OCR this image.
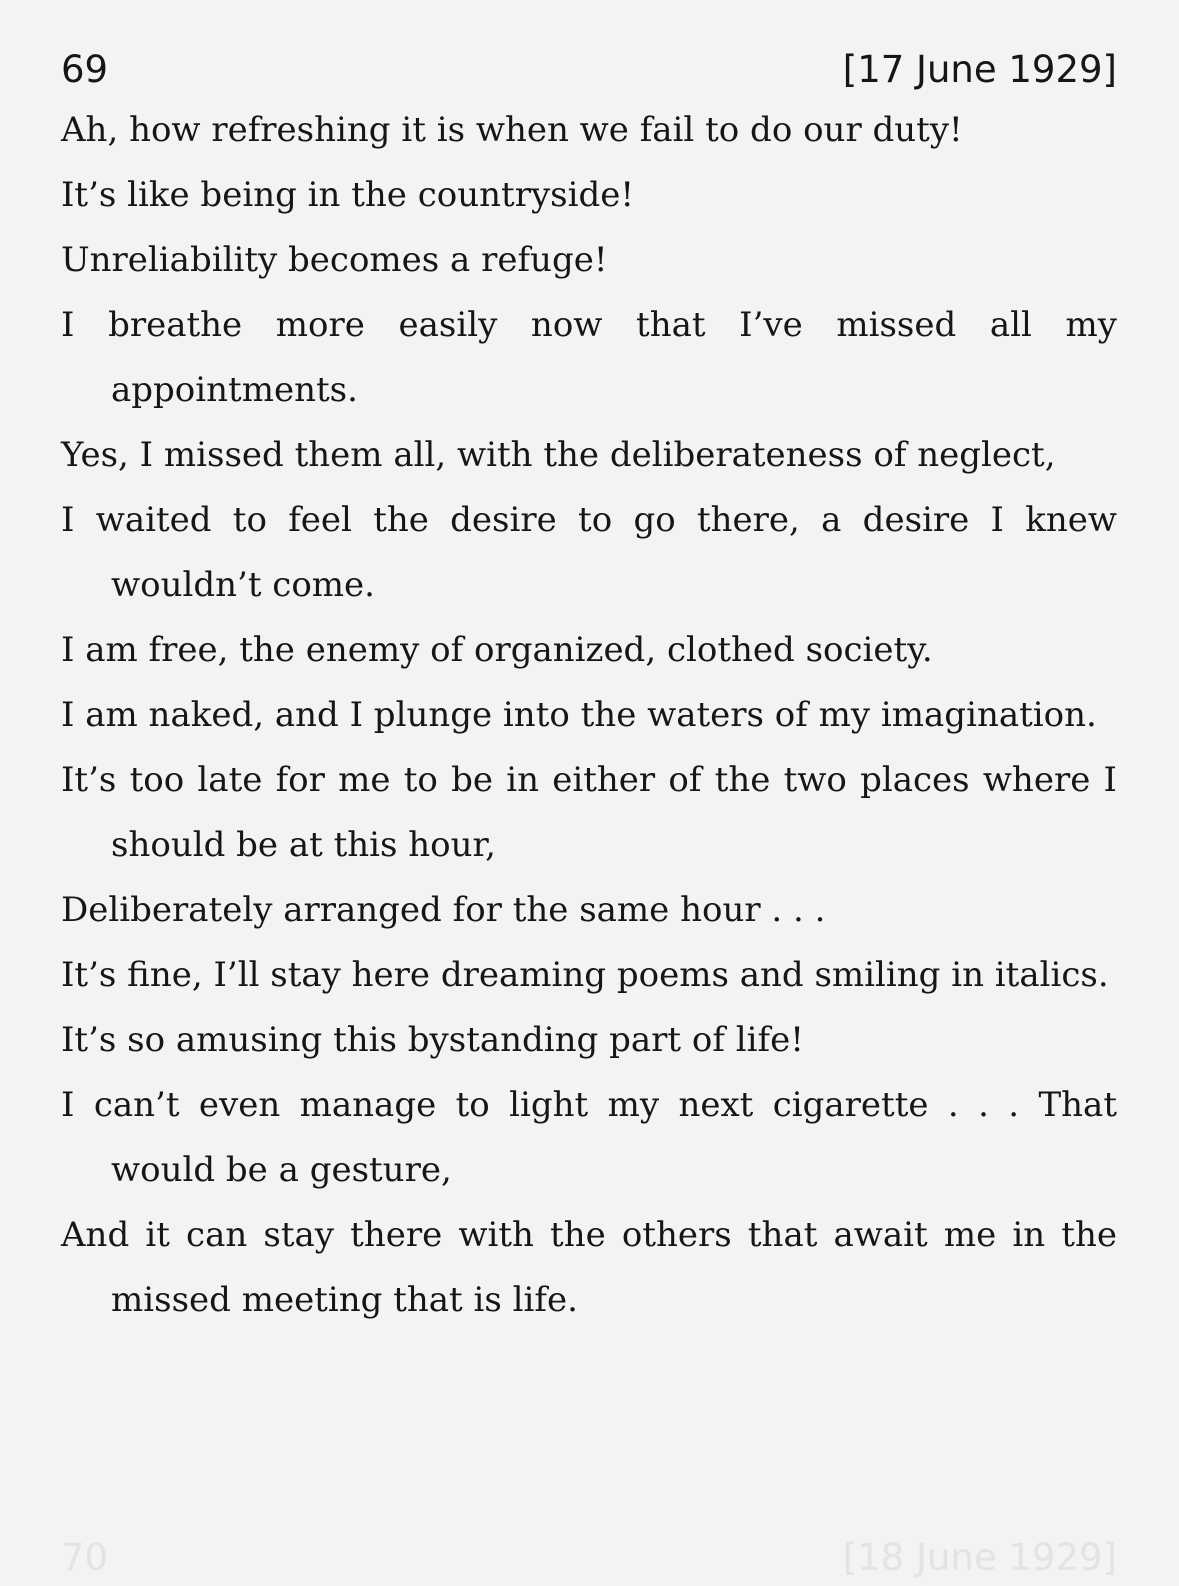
69	[17 June 1929]

Ah, how refreshing it is when we fail to do our duty!

It’s like being in the countryside!

Unreliability becomes a refuge!

I breathe more easily now that I’ve missed all my appointments.

Yes, I missed them all, with the deliberateness of neglect,

I waited to feel the desire to go there, a desire I knew wouldn’t come.

I am free, the enemy of organized, clothed society.

I am naked, and I plunge into the waters of my imagination.

It’s too late for me to be in either of the two places where I should be at this hour,

Deliberately arranged for the same hour . . .

It’s fine, I’ll stay here dreaming poems and smiling in italics.

It’s so amusing this bystanding part of life!

I can’t even manage to light my next cigarette . . . That would be a gesture,

And it can stay there with the others that await me in the missed meeting that is life.

70	[18 June 1929]
